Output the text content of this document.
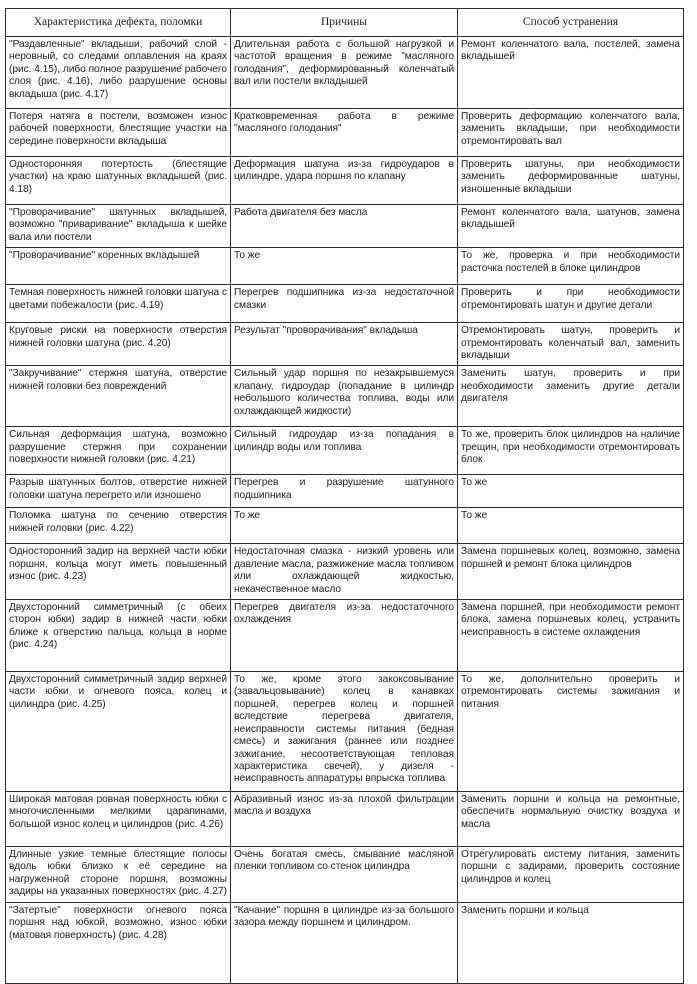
Характеристика дефекта, поломки	Причины	Способ устранения
"Раздавленные" вкладыши, рабочий слой - неровный, со следами оплавления на краях (рис. 4.15), либо полное разрушение рабочего слоя (рис. 4.16), либо разрушение основы вкладыша (рис. 4.17)	Длительная работа с большой нагрузкой и частотой вращения в режиме "масляного голодания", деформированный коленчатый вал или постели вкладышей	Ремонт коленчатого вала, постелей, замена вкладышей
Потеря натяга в постели, возможен износ рабочей поверхности, блестящие участки на середине поверхности вкладыша	Кратковременная работа в режиме "масляного голодания"	Проверить деформацию коленчатого вала, заменить вкладыши, при необходимости отремонтировать вал
Односторонняя потертость (блестящие участки) на краю шатунных вкладышей (рис. 4.18)	Деформация шатуна из-за гидроударов в цилиндре, удара поршня по клапану	Проверить шатуны, при необходимости заменить деформированные шатуны, изношенные вкладыши
"Проворачивание" шатунных вкладышей, возможно "приваривание" вкладыша к шейке вала или постели	Работа двигателя без масла	Ремонт коленчатого вала, шатунов, замена вкладышей
"Проворачивание" коренных вкладышей	То же	То же, проверка и при необходимости расточка постелей в блоке цилиндров
Темная поверхность нижней головки шатуна с цветами побежалости (рис. 4.19)	Перегрев подшипника из-за недостаточной смазки	Проверить и при необходимости отремонтировать шатун и другие детали
Круговые риски на поверхности отверстия нижней головки шатуна (рис. 4.20)	Результат "проворачивания" вкладыша	Отремонтировать шатун, проверить и отремонтировать коленчатый вал, заменить вкладыши
"Закручивание" стержня шатуна, отверстие нижней головки без повреждений	Сильный удар поршня по незакрывшемуся клапану, гидроудар (попадание в цилиндр небольшого количества топлива, воды или охлаждающей жидкости)	Заменить шатун, проверить и при необходимости заменить другие детали двигателя
Сильная деформация шатуна, возможно разрушение стержня при сохранении поверхности нижней головки (рис. 4.21)	Сильный гидроудар из-за попадания в цилиндр воды или топлива	То же, проверить блок цилиндров на наличие трещин, при необходимости отремонтировать блок
Разрыв шатунных болтов, отверстие нижней головки шатуна перегрето или изношено	Перегрев и разрушение шатунного подшипника	То же
Поломка шатуна по сечению отверстия нижней головки (рис. 4.22)	То же	То же
Односторонний задир на верхней части юбки поршня, кольца могут иметь повышенный износ (рис. 4.23)	Недостаточная смазка - низкий уровень или давление масла, разжижение масла топливом или охлаждающей жидкостью, некачественное масло	Замена поршневых колец, возможно, замена поршней и ремонт блока цилиндров
Двухсторонний симметричный (с обеих сторон юбки) задир в нижней части юбки ближе к отверстию пальца, кольца в норме (рис. 4.24)	Перегрев двигателя из-за недостаточного охлаждения	Замена поршней, при необходимости ремонт блока, замена поршневых колец, устранить неисправность в системе охлаждения
Двухсторонний симметричный задир верхней части юбки и огневого пояса, колец и цилиндра (рис. 4.25)	То же, кроме этого закоксовывание (завальцовывание) колец в канавках поршней, перегрев колец и поршней вследствие перегрева двигателя, неисправности системы питания (бедная смесь) и зажигания (раннее или позднее зажигание, несоответствующая тепловая характеристика свечей), у дизеля - неисправность аппаратуры впрыска топлива	То же, дополнительно проверить и отремонтировать системы зажигания и питания
Широкая матовая ровная поверхность юбки с многочисленными мелкими царапинами, большой износ колец и цилиндров (рис. 4.26)	Абразивный износ из-за плохой фильтрации масла и воздуха	Заменить поршни и кольца на ремонтные, обеспечить нормальную очистку воздуха и масла
Длинные узкие темные блестящие полосы вдоль юбки близко к её середине на нагруженной стороне поршня, возможны задиры на указанных поверхностях (рис. 4.27)	Очень богатая смесь, смывание масляной пленки топливом со стенок цилиндра	Отрегулировать систему питания, заменить поршни с задирами, проверить состояние цилиндров и колец
"Затертые" поверхности огневого пояса поршня над юбкой, возможно, износ юбки (матовая поверхность) (рис. 4.28)	"Качание" поршня в цилиндре из-за большого зазора между поршнем и цилиндром.	Заменить поршни и кольца
